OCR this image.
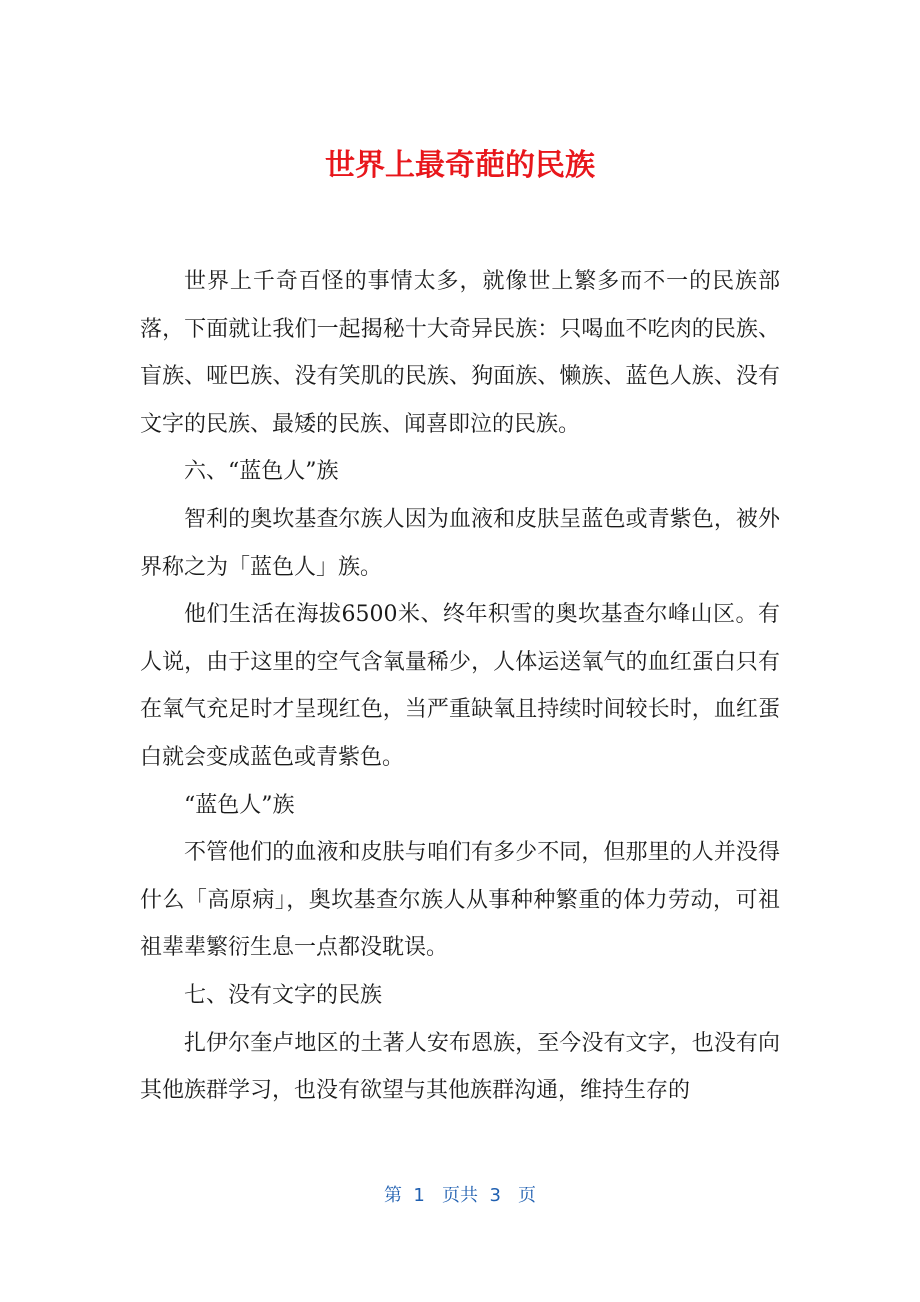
世界上最奇葩的民族

世界上千奇百怪的事情太多，就像世上繁多而不一的民族部落，下面就让我们一起揭秘十大奇异民族：只喝血不吃肉的民族、盲族、哑巴族、没有笑肌的民族、狗面族、懒族、蓝色人族、没有文字的民族、最矮的民族、闻喜即泣的民族。

六、“蓝色人”族

智利的奥坎基查尔族人因为血液和皮肤呈蓝色或青紫色，被外界称之为「蓝色人」族。

他们生活在海拔6500米、终年积雪的奥坎基查尔峰山区。有人说，由于这里的空气含氧量稀少，人体运送氧气的血红蛋白只有在氧气充足时才呈现红色，当严重缺氧且持续时间较长时，血红蛋白就会变成蓝色或青紫色。

“蓝色人”族

不管他们的血液和皮肤与咱们有多少不同，但那里的人并没得什么「高原病」，奥坎基查尔族人从事种种繁重的体力劳动，可祖祖辈辈繁衍生息一点都没耽误。

七、没有文字的民族

扎伊尔奎卢地区的土著人安布恩族，至今没有文字，也没有向其他族群学习，也没有欲望与其他族群沟通，维持生存的

第  1   页共  3   页
